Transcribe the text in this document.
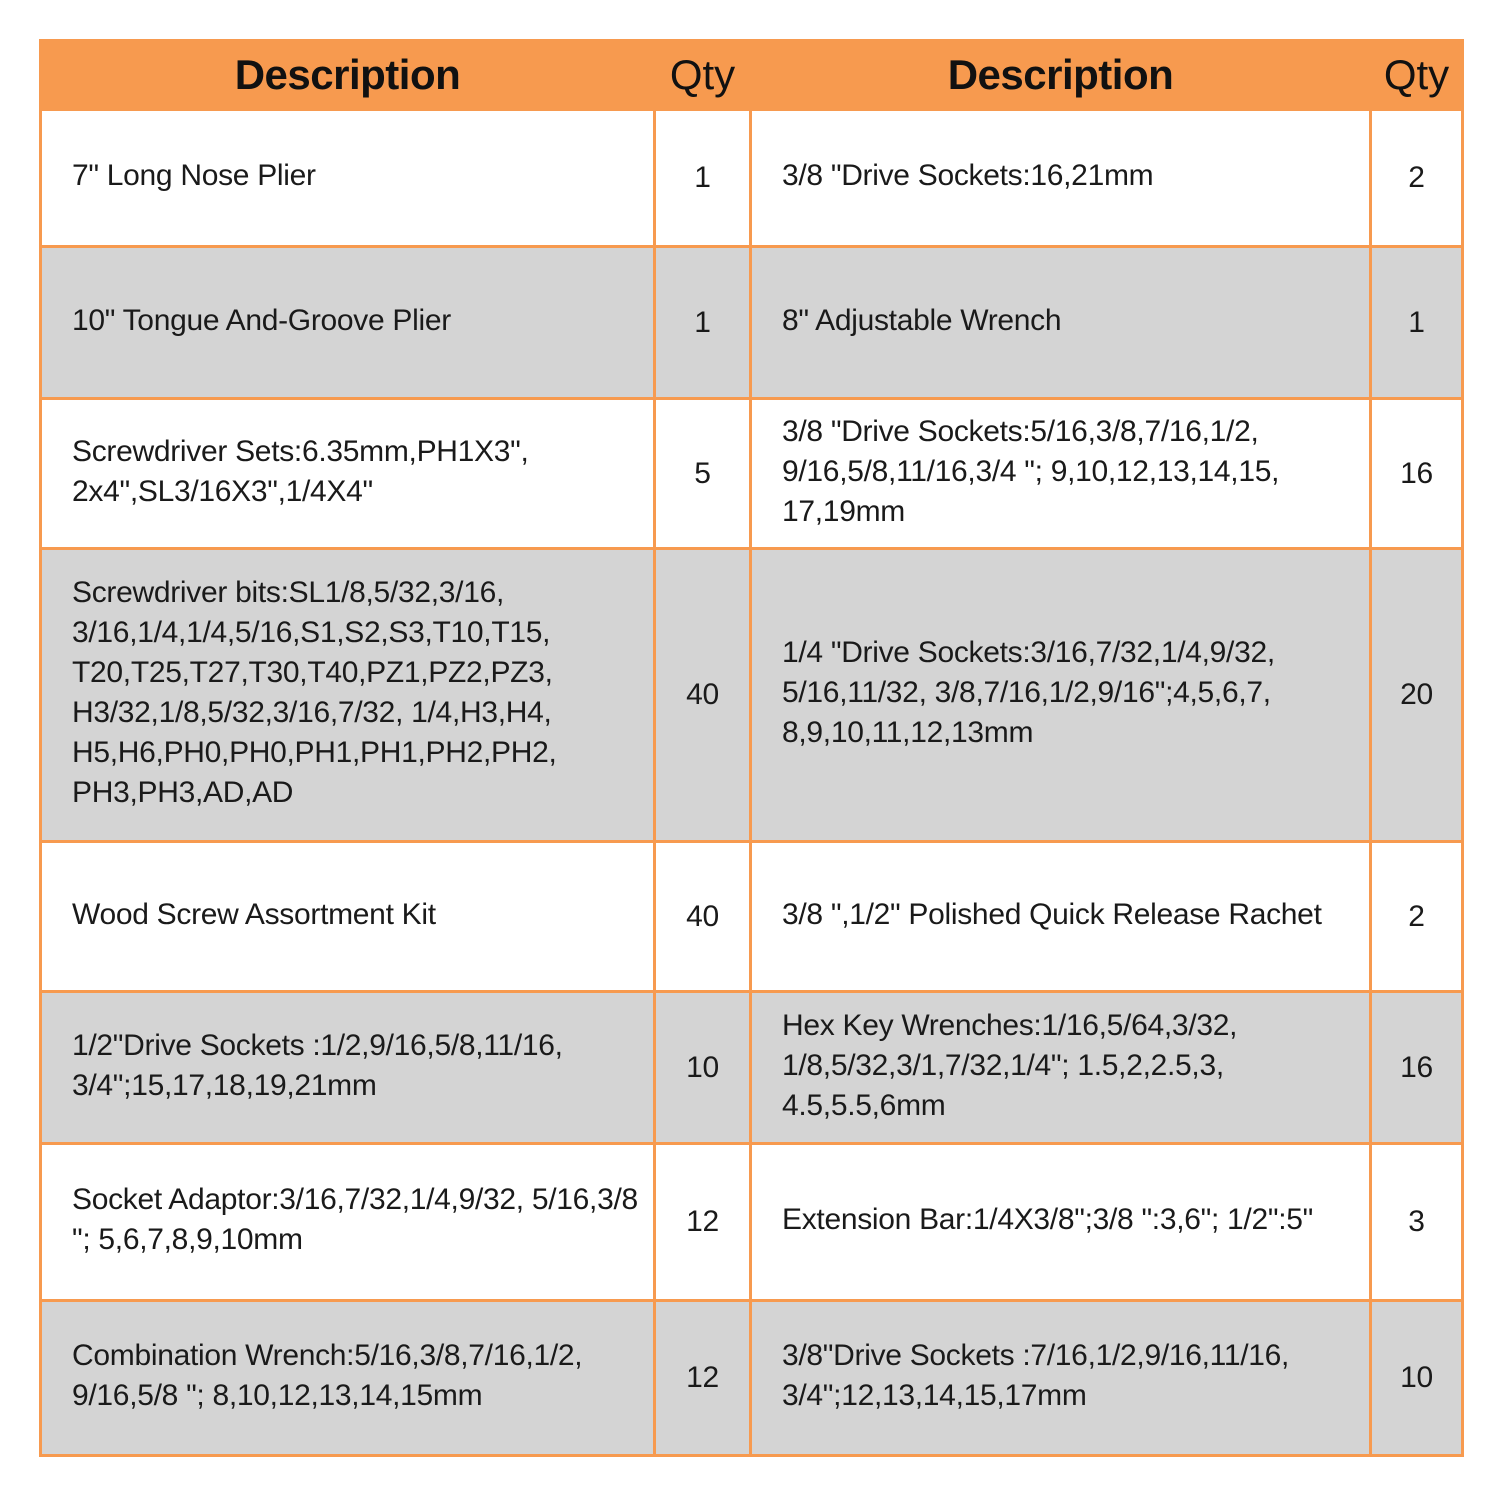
Description	Qty	Description	Qty
7" Long Nose Plier	1	3/8 "Drive Sockets:16,21mm	2
10" Tongue And-Groove Plier	1	8" Adjustable Wrench	1
Screwdriver Sets:6.35mm,PH1X3", 2x4",SL3/16X3",1/4X4"	5	3/8 "Drive Sockets:5/16,3/8,7/16,1/2, 9/16,5/8,11/16,3/4 "; 9,10,12,13,14,15, 17,19mm	16
Screwdriver bits:SL1/8,5/32,3/16, 3/16,1/4,1/4,5/16,S1,S2,S3,T10,T15, T20,T25,T27,T30,T40,PZ1,PZ2,PZ3, H3/32,1/8,5/32,3/16,7/32, 1/4,H3,H4, H5,H6,PH0,PH0,PH1,PH1,PH2,PH2, PH3,PH3,AD,AD	40	1/4 "Drive Sockets:3/16,7/32,1/4,9/32, 5/16,11/32, 3/8,7/16,1/2,9/16";4,5,6,7, 8,9,10,11,12,13mm	20
Wood Screw Assortment Kit	40	3/8 ",1/2" Polished Quick Release Rachet	2
1/2"Drive Sockets :1/2,9/16,5/8,11/16, 3/4";15,17,18,19,21mm	10	Hex Key Wrenches:1/16,5/64,3/32, 1/8,5/32,3/1,7/32,1/4"; 1.5,2,2.5,3, 4.5,5.5,6mm	16
Socket Adaptor:3/16,7/32,1/4,9/32, 5/16,3/8 "; 5,6,7,8,9,10mm	12	Extension Bar:1/4X3/8";3/8 ":3,6"; 1/2":5"	3
Combination Wrench:5/16,3/8,7/16,1/2, 9/16,5/8 "; 8,10,12,13,14,15mm	12	3/8"Drive Sockets :7/16,1/2,9/16,11/16, 3/4";12,13,14,15,17mm	10
